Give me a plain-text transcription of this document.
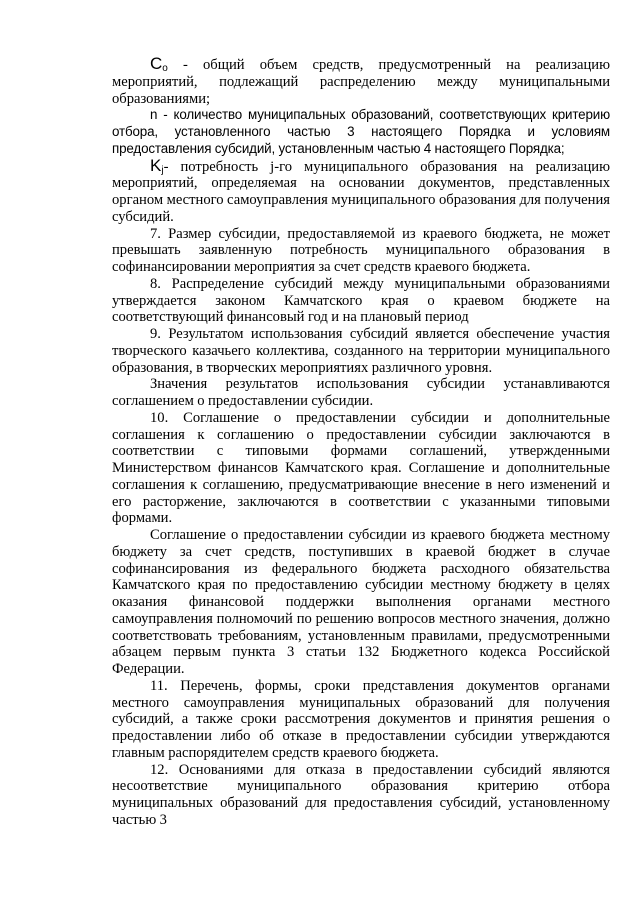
$C_o$ - общий объем средств, предусмотренный на реализацию мероприятий, подлежащий распределению между муниципальными образованиями;

n - количество муниципальных образований, соответствующих критерию отбора, установленного частью 3 настоящего Порядка и условиям предоставления субсидий, установленным частью 4 настоящего Порядка;

$K_j-$ потребность j-го муниципального образования на реализацию мероприятий, определяемая на основании документов, представленных органом местного самоуправления муниципального образования для получения субсидий.

7. Размер субсидии, предоставляемой из краевого бюджета, не может превышать заявленную потребность муниципального образования в софинансировании мероприятия за счет средств краевого бюджета.

8. Распределение субсидий между муниципальными образованиями утверждается законом Камчатского края о краевом бюджете на соответствующий финансовый год и на плановый период

9. Результатом использования субсидий является обеспечение участия творческого казачьего коллектива, созданного на территории муниципального образования, в творческих мероприятиях различного уровня.

Значения результатов использования субсидии устанавливаются соглашением о предоставлении субсидии.

10. Соглашение о предоставлении субсидии и дополнительные соглашения к соглашению о предоставлении субсидии заключаются в соответствии с типовыми формами соглашений, утвержденными Министерством финансов Камчатского края. Соглашение и дополнительные соглашения к соглашению, предусматривающие внесение в него изменений и его расторжение, заключаются в соответствии с указанными типовыми формами.

Соглашение о предоставлении субсидии из краевого бюджета местному бюджету за счет средств, поступивших в краевой бюджет в случае софинансирования из федерального бюджета расходного обязательства Камчатского края по предоставлению субсидии местному бюджету в целях оказания финансовой поддержки выполнения органами местного самоуправления полномочий по решению вопросов местного значения, должно соответствовать требованиям, установленным правилами, предусмотренными абзацем первым пункта 3 статьи 132 Бюджетного кодекса Российской Федерации.

11. Перечень, формы, сроки представления документов органами местного самоуправления муниципальных образований для получения субсидий, а также сроки рассмотрения документов и принятия решения о предоставлении либо об отказе в предоставлении субсидии утверждаются главным распорядителем средств краевого бюджета.

12. Основаниями для отказа в предоставлении субсидий являются несоответствие муниципального образования критерию отбора муниципальных образований для предоставления субсидий, установленному частью 3
